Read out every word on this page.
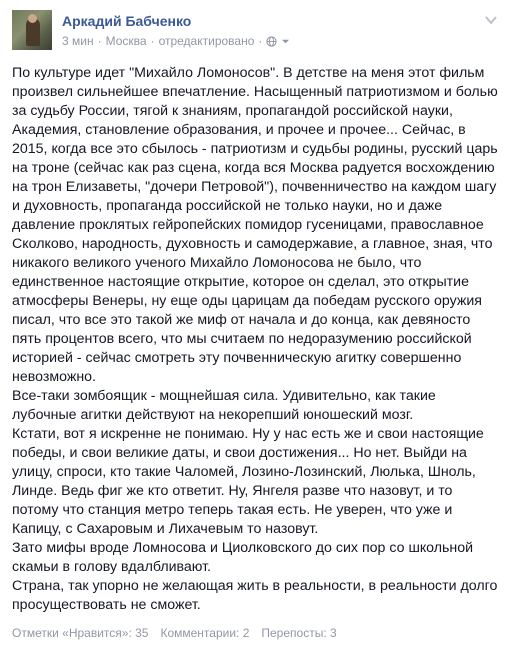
Аркадий Бабченко
3 мин · Москва · отредактировано ·

По культуре идет "Михайло Ломоносов". В детстве на меня этот фильм произвел сильнейшее впечатление. Насыщенный патриотизмом и болью за судьбу России, тягой к знаниям, пропагандой российской науки, Академия, становление образования, и прочее и прочее... Сейчас, в 2015, когда все это сбылось - патриотизм и судьбы родины, русский царь на троне (сейчас как раз сцена, когда вся Москва радуется восхождению на трон Елизаветы, "дочери Петровой"), почвенничество на каждом шагу и духовность, пропаганда российской не только науки, но и даже давление проклятых гейропейских помидор гусеницами, православное Сколково, народность, духовность и самодержавие, а главное, зная, что никакого великого ученого Михайло Ломоносова не было, что единственное настоящие открытие, которое он сделал, это открытие атмосферы Венеры, ну еще оды царицам да победам русского оружия писал, что все это такой же миф от начала и до конца, как девяносто пять процентов всего, что мы считаем по недоразумению российской историей - сейчас смотреть эту почвенническую агитку совершенно невозможно.

Все-таки зомбоящик - мощнейшая сила. Удивительно, как такие лубочные агитки действуют на некорепший юношеский мозг.

Кстати, вот я искренне не понимаю. Ну у нас есть же и свои настоящие победы, и свои великие даты, и свои достижения... Но нет. Выйди на улицу, спроси, кто такие Чаломей, Лозино-Лозинский, Люлька, Шноль, Линде. Ведь фиг же кто ответит. Ну, Янгеля разве что назовут, и то потому что станция метро теперь такая есть. Не уверен, что уже и Капицу, с Сахаровым и Лихачевым то назовут.

Зато мифы вроде Ломносова и Циолковского до сих пор со школьной скамьи в голову вдалбливают.

Страна, так упорно не желающая жить в реальности, в реальности долго просуществовать не сможет.

Отметки «Нравится»: 35 Комментарии: 2 Перепосты: 3
